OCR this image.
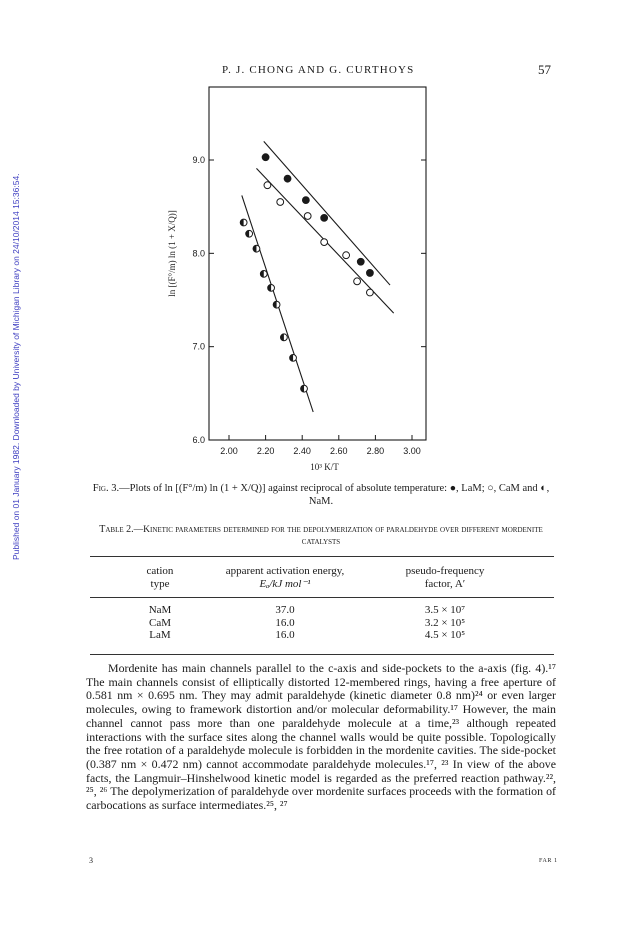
Published on 01 January 1982. Downloaded by University of Michigan Library on 24/10/2014 15:36:54.
P. J. CHONG AND G. CURTHOYS	57
2.00 2.20 2.40 2.60 2.80 3.00
6.0
7.0
8.0
9.0
10³ K/T
ln [(F°/m) ln (1 + X/Q)]
Fig. 3.—Plots of ln [(F°/m) ln (1 + X/Q)] against reciprocal of absolute temperature: ●, LaM; ○, CaM and ◐, NaM.
Table 2.—Kinetic parameters determined for the depolymerization of paraldehyde over different mordenite catalysts
cation
type
apparent activation energy,
Eₐ/kJ mol⁻¹
pseudo-frequency
factor, A′
NaM	37.0	3.5 × 10⁷
CaM	16.0	3.2 × 10⁵
LaM	16.0	4.5 × 10⁵

Mordenite has main channels parallel to the c-axis and side-pockets to the a-axis (fig. 4).¹⁷ The main channels consist of elliptically distorted 12-membered rings, having a free aperture of 0.581 nm × 0.695 nm. They may admit paraldehyde (kinetic diameter 0.8 nm)²⁴ or even larger molecules, owing to framework distortion and/or molecular deformability.¹⁷ However, the main channel cannot pass more than one paraldehyde molecule at a time,²³ although repeated interactions with the surface sites along the channel walls would be quite possible. Topologically the free rotation of a paraldehyde molecule is forbidden in the mordenite cavities. The side-pocket (0.387 nm × 0.472 nm) cannot accommodate paraldehyde molecules.¹⁷, ²³ In view of the above facts, the Langmuir–Hinshelwood kinetic model is regarded as the preferred reaction pathway.²², ²⁵, ²⁶ The depolymerization of paraldehyde over mordenite surfaces proceeds with the formation of carbocations as surface intermediates.²⁵, ²⁷

3	FAR 1
